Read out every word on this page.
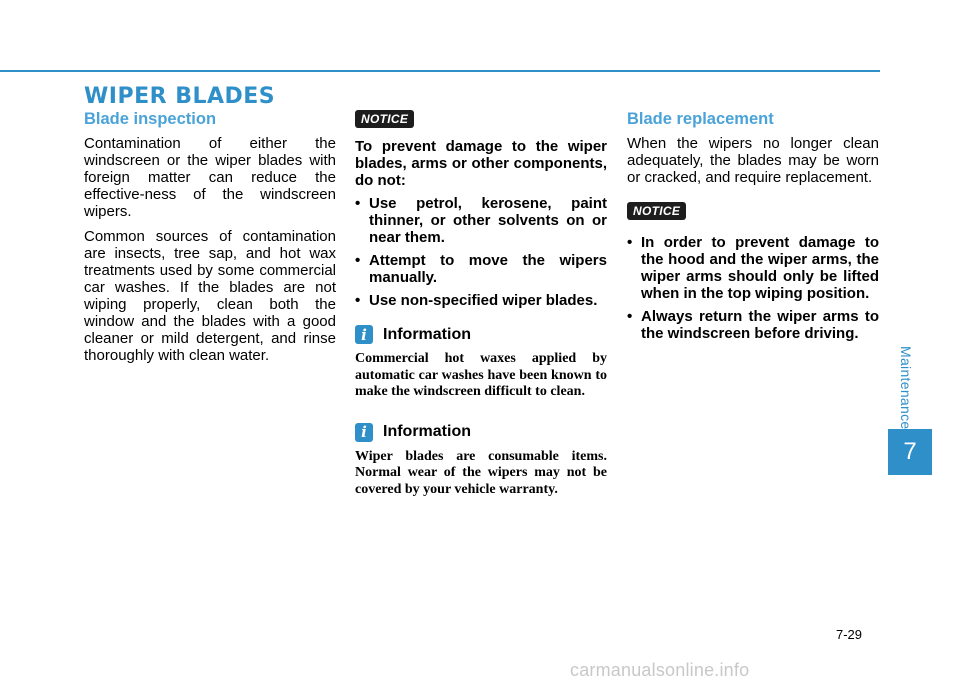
WIPER BLADES
Blade inspection

Contamination of either the windscreen or the wiper blades with foreign matter can reduce the effective-ness of the windscreen wipers.

Common sources of contamination are insects, tree sap, and hot wax treatments used by some commercial car washes. If the blades are not wiping properly, clean both the window and the blades with a good cleaner or mild detergent, and rinse thoroughly with clean water.

NOTICE

To prevent damage to the wiper blades, arms or other components, do not:

• Use petrol, kerosene, paint thinner, or other solvents on or near them.
• Attempt to move the wipers manually.
• Use non-specified wiper blades.
i	Information

Commercial hot waxes applied by automatic car washes have been known to make the windscreen difficult to clean.

i	Information

Wiper blades are consumable items. Normal wear of the wipers may not be covered by your vehicle warranty.

Blade replacement

When the wipers no longer clean adequately, the blades may be worn or cracked, and require replacement.

NOTICE
• In order to prevent damage to the hood and the wiper arms, the wiper arms should only be lifted when in the top wiping position.
• Always return the wiper arms to the windscreen before driving.
Maintenance
7
7-29
carmanualsonline.info
